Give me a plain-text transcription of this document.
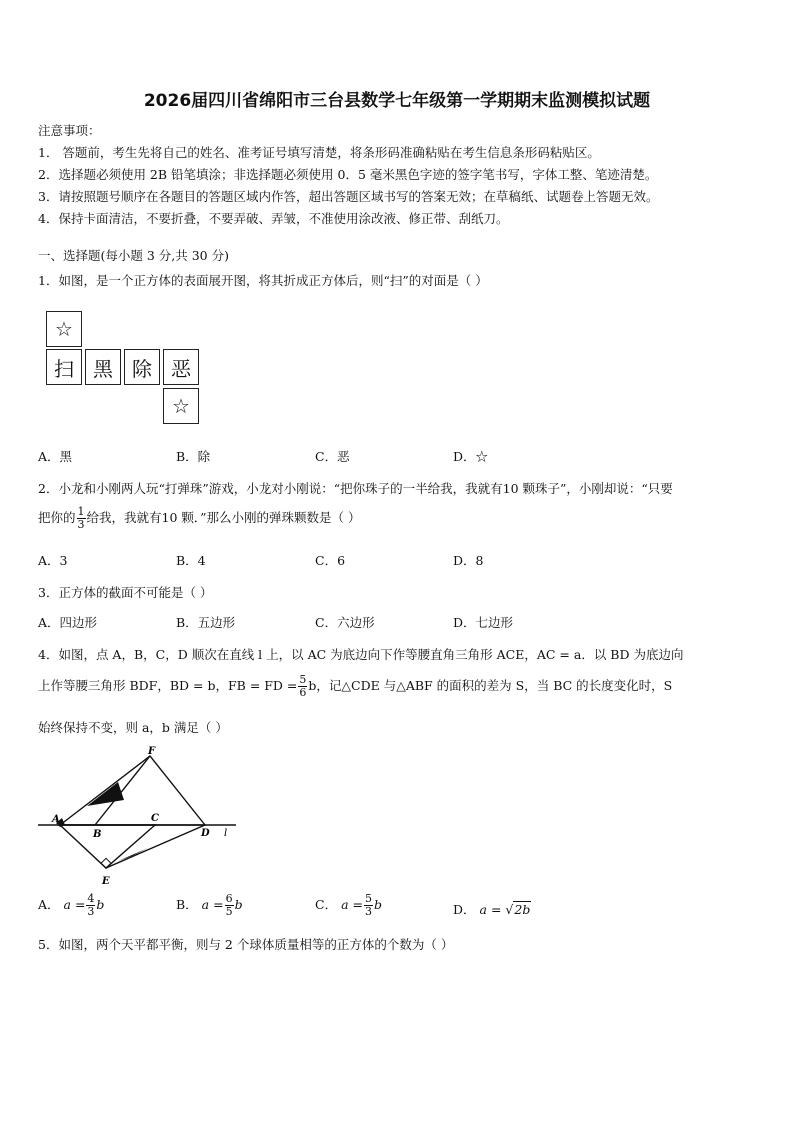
2026届四川省绵阳市三台县数学七年级第一学期期末监测模拟试题
注意事项：
1． 答题前，考生先将自己的姓名、准考证号填写清楚，将条形码准确粘贴在考生信息条形码粘贴区。
2．选择题必须使用 2B 铅笔填涂；非选择题必须使用 0．5 毫米黑色字迹的签字笔书写，字体工整、笔迹清楚。
3．请按照题号顺序在各题目的答题区域内作答，超出答题区域书写的答案无效；在草稿纸、试题卷上答题无效。
4．保持卡面清洁，不要折叠，不要弄破、弄皱，不准使用涂改液、修正带、刮纸刀。
一、选择题(每小题 3 分,共 30 分)
1．如图，是一个正方体的表面展开图，将其折成正方体后，则“扫”的对面是（ ）
☆
扫 黑 除 恶
☆
A．黑	B．除	C．恶	D．☆
2．小龙和小刚两人玩“打弹珠”游戏，小龙对小刚说：“把你珠子的一半给我，我就有10 颗珠子”，小刚却说：“只要
把你的 $\frac{1}{3}$ 给我，我就有10 颗．”那么小刚的弹珠颗数是（ ）
A．3	B．4	C．6	D．8
3．正方体的截面不可能是（ ）
A．四边形	B．五边形	C．六边形	D．七边形
4．如图，点 A，B，C，D 顺次在直线 l 上，以 AC 为底边向下作等腰直角三角形 ACE，AC = a．以 BD 为底边向
上作等腰三角形 BDF，BD = b，FB = FD = $\frac{5}{6}$ b，记△CDE 与△ABF 的面积的差为 S，当 BC 的长度变化时，S
始终保持不变，则 a，b 满足（ ）
A
B
C
D
E
F
l
A． $a = \frac{4}{3}$ b	B． $a = \frac{6}{5}$ b	C． $a = \frac{5}{3}$ b	D． a = √2b
5．如图，两个天平都平衡，则与 2 个球体质量相等的正方体的个数为（ ）
